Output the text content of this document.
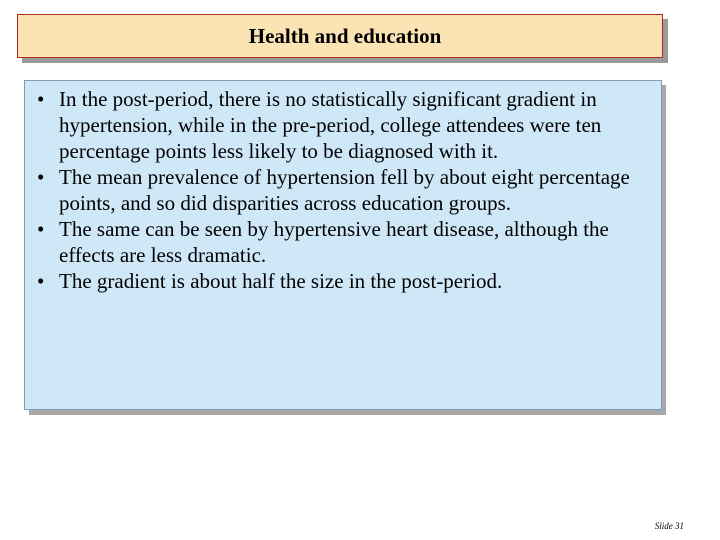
Health and education
• In the post-period, there is no statistically significant gradient in hypertension, while in the pre-period, college attendees were ten percentage points less likely to be diagnosed with it.
• The mean prevalence of hypertension fell by about eight percentage points, and so did disparities across education groups.
• The same can be seen by hypertensive heart disease, although the effects are less dramatic.
• The gradient is about half the size in the post-period.
Slide 31
